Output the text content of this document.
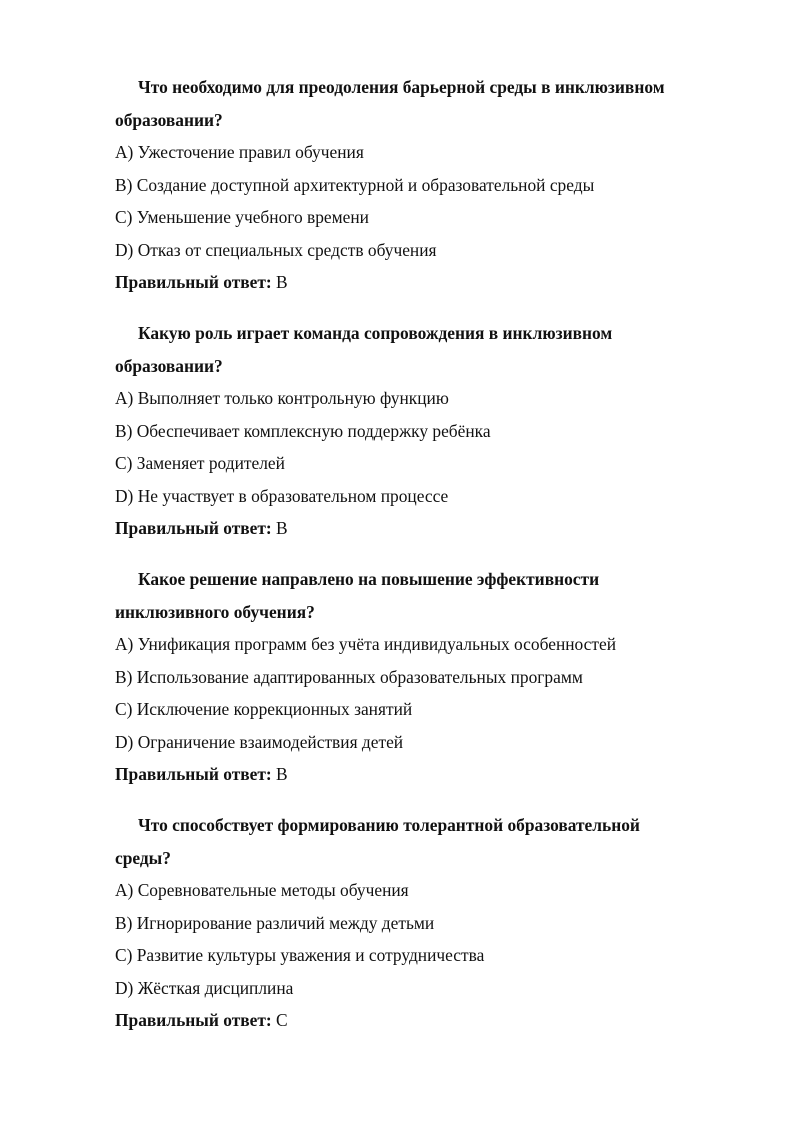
Что необходимо для преодоления барьерной среды в инклюзивном
образовании?
A) Ужесточение правил обучения
B) Создание доступной архитектурной и образовательной среды
C) Уменьшение учебного времени
D) Отказ от специальных средств обучения
Правильный ответ: B
Какую роль играет команда сопровождения в инклюзивном
образовании?
A) Выполняет только контрольную функцию
B) Обеспечивает комплексную поддержку ребёнка
C) Заменяет родителей
D) Не участвует в образовательном процессе
Правильный ответ: B
Какое решение направлено на повышение эффективности
инклюзивного обучения?
A) Унификация программ без учёта индивидуальных особенностей
B) Использование адаптированных образовательных программ
C) Исключение коррекционных занятий
D) Ограничение взаимодействия детей
Правильный ответ: B
Что способствует формированию толерантной образовательной
среды?
A) Соревновательные методы обучения
B) Игнорирование различий между детьми
C) Развитие культуры уважения и сотрудничества
D) Жёсткая дисциплина
Правильный ответ: C
